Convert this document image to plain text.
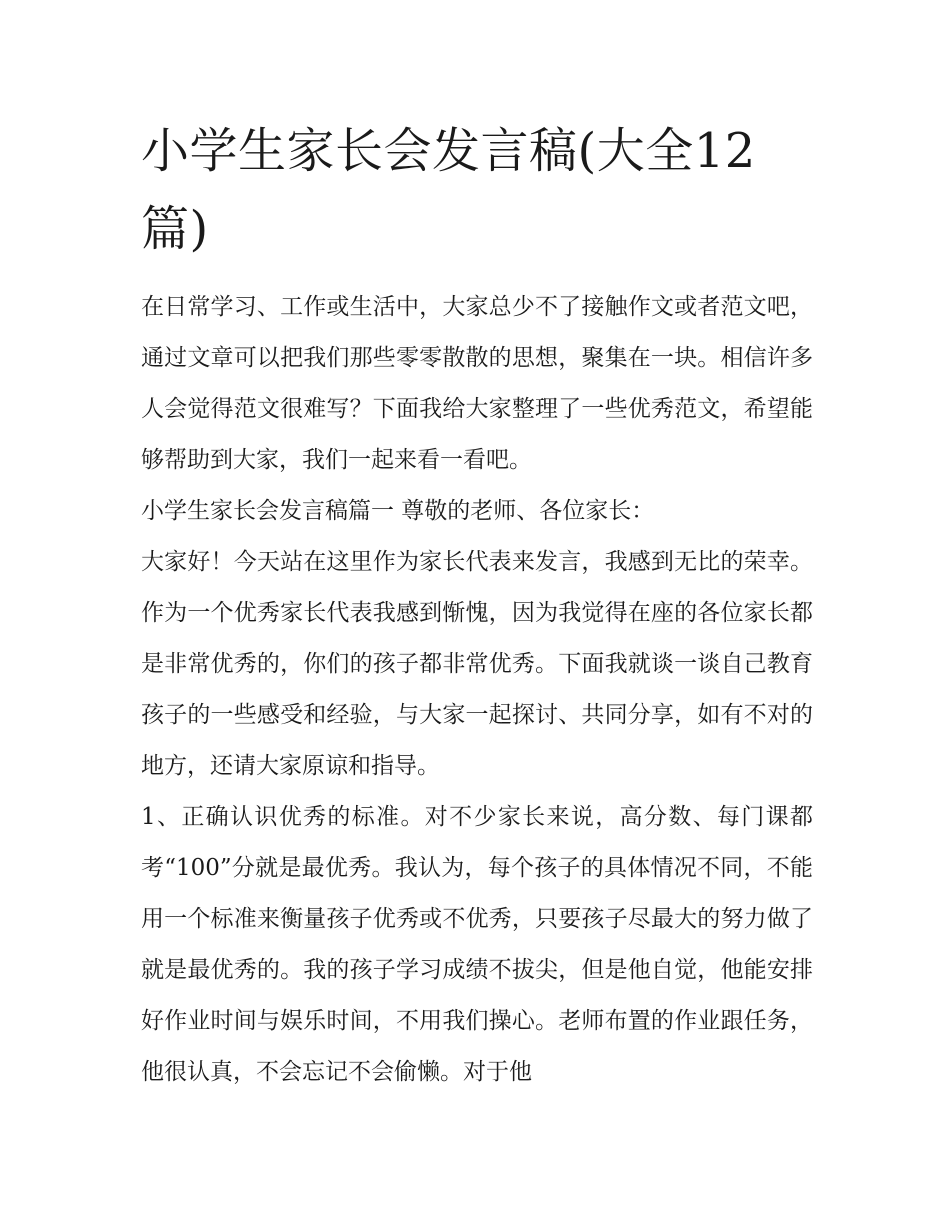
小学生家长会发言稿(大全12篇)

在日常学习、工作或生活中，大家总少不了接触作文或者范文吧，通过文章可以把我们那些零零散散的思想，聚集在一块。相信许多人会觉得范文很难写？下面我给大家整理了一些优秀范文，希望能够帮助到大家，我们一起来看一看吧。

小学生家长会发言稿篇一 尊敬的老师、各位家长：

大家好！今天站在这里作为家长代表来发言，我感到无比的荣幸。作为一个优秀家长代表我感到惭愧，因为我觉得在座的各位家长都是非常优秀的，你们的孩子都非常优秀。下面我就谈一谈自己教育孩子的一些感受和经验，与大家一起探讨、共同分享，如有不对的地方，还请大家原谅和指导。

1、正确认识优秀的标准。对不少家长来说，高分数、每门课都考“100”分就是最优秀。我认为，每个孩子的具体情况不同，不能用一个标准来衡量孩子优秀或不优秀，只要孩子尽最大的努力做了就是最优秀的。我的孩子学习成绩不拔尖，但是他自觉，他能安排好作业时间与娱乐时间，不用我们操心。老师布置的作业跟任务，他很认真，不会忘记不会偷懒。对于他
